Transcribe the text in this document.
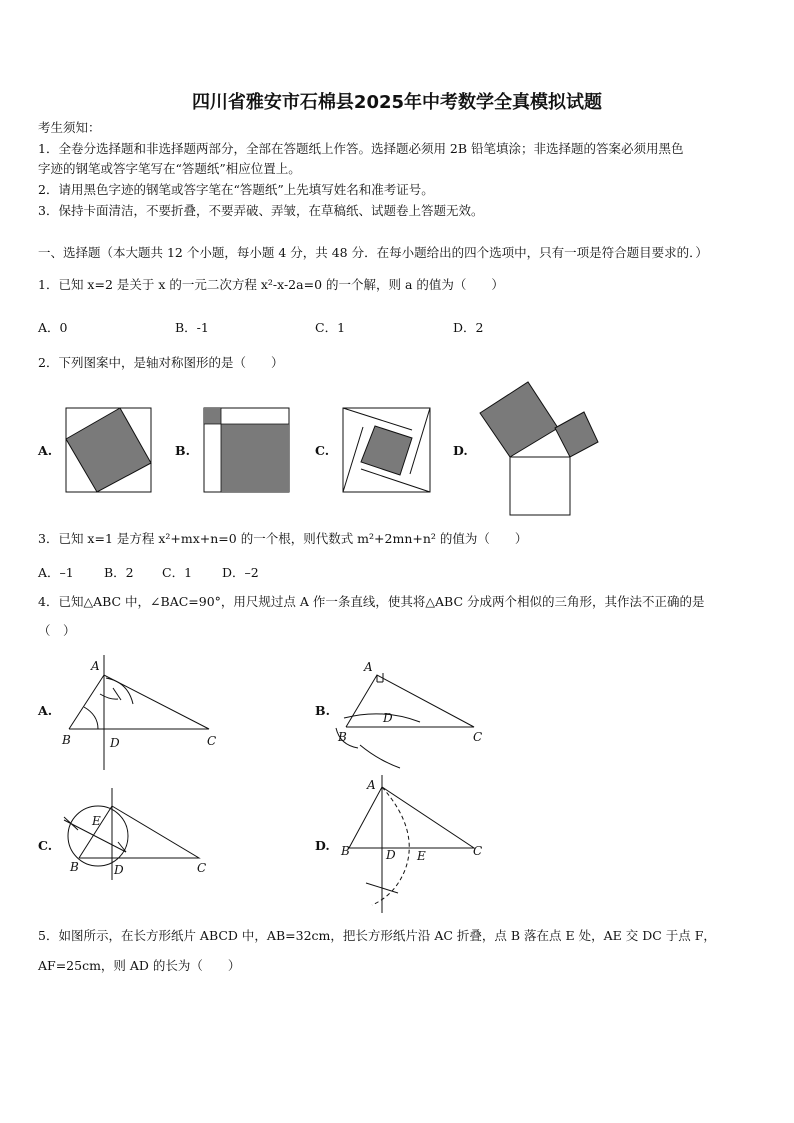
四川省雅安市石棉县2025年中考数学全真模拟试题
考生须知：
1．全卷分选择题和非选择题两部分，全部在答题纸上作答。选择题必须用 2B 铅笔填涂；非选择题的答案必须用黑色
字迹的钢笔或答字笔写在“答题纸”相应位置上。
2．请用黑色字迹的钢笔或答字笔在“答题纸”上先填写姓名和准考证号。
3．保持卡面清洁，不要折叠，不要弄破、弄皱，在草稿纸、试题卷上答题无效。
一、选择题（本大题共 12 个小题，每小题 4 分，共 48 分．在每小题给出的四个选项中，只有一项是符合题目要求的．）
1．已知 x=2 是关于 x 的一元二次方程 x²-x-2a=0 的一个解，则 a 的值为（　　）
A．0	B．-1	C．1	D．2
2．下列图案中，是轴对称图形的是（　　）
A.	B.	C.	D.
3．已知 x=1 是方程 x²+mx+n=0 的一个根，则代数式 m²+2mn+n² 的值为（　　）
A．–1 B．2 C．1 D．–2
4．已知△ABC 中，∠BAC=90°，用尺规过点 A 作一条直线，使其将△ABC 分成两个相似的三角形，其作法不正确的是
（　）
A.	B.
C.	D.
A
B	D	C
A
B
D
C
E
B	D	C
A
B	D E	C
5．如图所示，在长方形纸片 ABCD 中，AB=32cm，把长方形纸片沿 AC 折叠，点 B 落在点 E 处，AE 交 DC 于点 F，
AF=25cm，则 AD 的长为（　　）
